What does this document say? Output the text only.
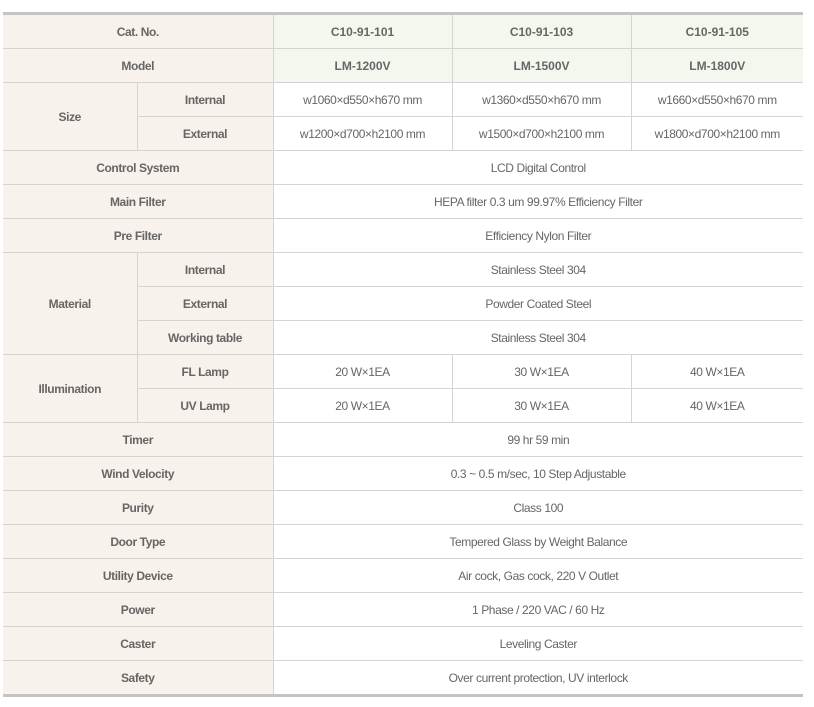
Cat. No.		C10-91-101	C10-91-103	C10-91-105
Model		LM-1200V	LM-1500V	LM-1800V
Size	Internal	w1060×d550×h670 mm	w1360×d550×h670 mm	w1660×d550×h670 mm
	External	w1200×d700×h2100 mm	w1500×d700×h2100 mm	w1800×d700×h2100 mm
Control System		LCD Digital Control		
Main Filter		HEPA filter 0.3 um 99.97% Efficiency Filter		
Pre Filter		Efficiency Nylon Filter		
Material	Internal	Stainless Steel 304		
	External	Powder Coated Steel		
	Working table	Stainless Steel 304		
Illumination	FL Lamp	20 W×1EA	30 W×1EA	40 W×1EA
	UV Lamp	20 W×1EA	30 W×1EA	40 W×1EA
Timer		99 hr 59 min		
Wind Velocity		0.3 ~ 0.5 m/sec, 10 Step Adjustable		
Purity		Class 100		
Door Type		Tempered Glass by Weight Balance		
Utility Device		Air cock, Gas cock, 220 V Outlet		
Power		1 Phase / 220 VAC / 60 Hz		
Caster		Leveling Caster		
Safety		Over current protection, UV interlock		
